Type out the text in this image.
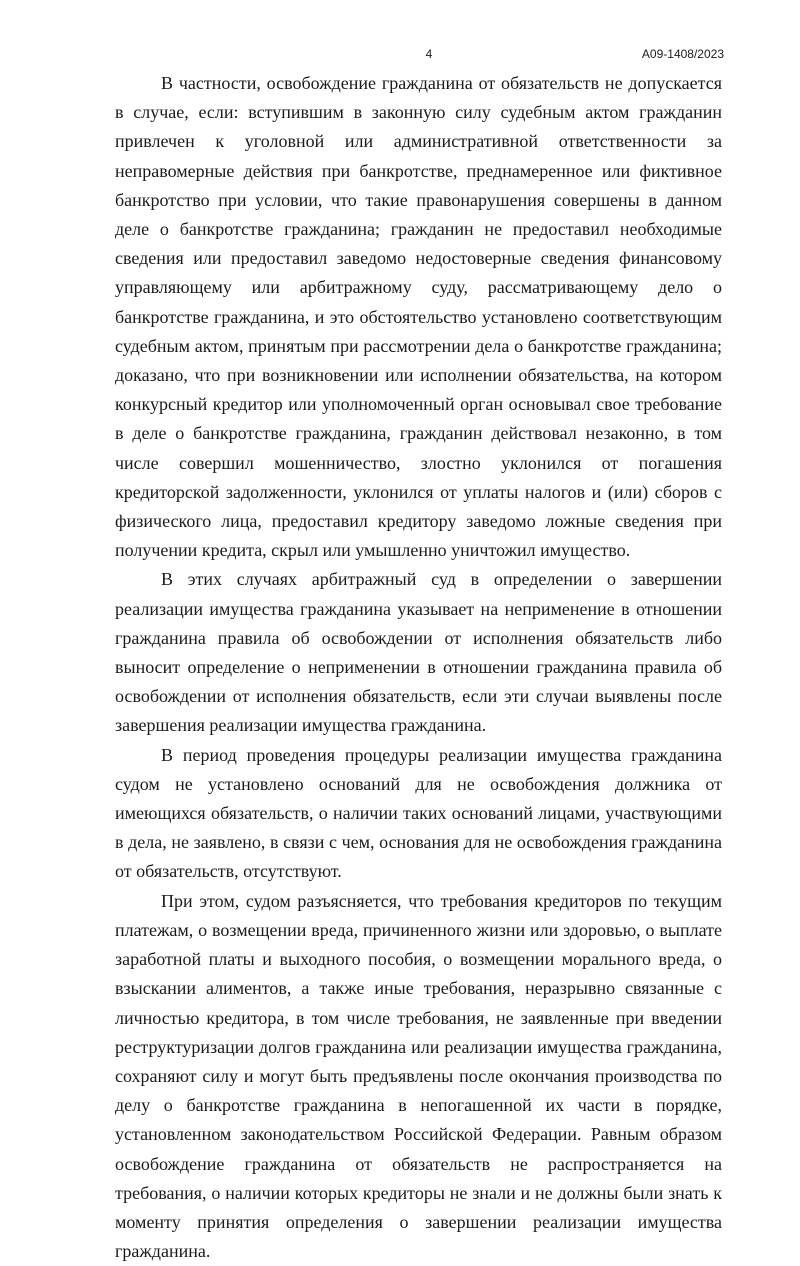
4	А09-1408/2023

В частности, освобождение гражданина от обязательств не допускается в случае, если: вступившим в законную силу судебным актом гражданин привлечен к уголовной или административной ответственности за неправомерные действия при банкротстве, преднамеренное или фиктивное банкротство при условии, что такие правонарушения совершены в данном деле о банкротстве гражданина; гражданин не предоставил необходимые сведения или предоставил заведомо недостоверные сведения финансовому управляющему или арбитражному суду, рассматривающему дело о банкротстве гражданина, и это обстоятельство установлено соответствующим судебным актом, принятым при рассмотрении дела о банкротстве гражданина; доказано, что при возникновении или исполнении обязательства, на котором конкурсный кредитор или уполномоченный орган основывал свое требование в деле о банкротстве гражданина, гражданин действовал незаконно, в том числе совершил мошенничество, злостно уклонился от погашения кредиторской задолженности, уклонился от уплаты налогов и (или) сборов с физического лица, предоставил кредитору заведомо ложные сведения при получении кредита, скрыл или умышленно уничтожил имущество.

В этих случаях арбитражный суд в определении о завершении реализации имущества гражданина указывает на неприменение в отношении гражданина правила об освобождении от исполнения обязательств либо выносит определение о неприменении в отношении гражданина правила об освобождении от исполнения обязательств, если эти случаи выявлены после завершения реализации имущества гражданина.

В период проведения процедуры реализации имущества гражданина судом не установлено оснований для не освобождения должника от имеющихся обязательств, о наличии таких оснований лицами, участвующими в дела, не заявлено, в связи с чем, основания для не освобождения гражданина от обязательств, отсутствуют.

При этом, судом разъясняется, что требования кредиторов по текущим платежам, о возмещении вреда, причиненного жизни или здоровью, о выплате заработной платы и выходного пособия, о возмещении морального вреда, о взыскании алиментов, а также иные требования, неразрывно связанные с личностью кредитора, в том числе требования, не заявленные при введении реструктуризации долгов гражданина или реализации имущества гражданина, сохраняют силу и могут быть предъявлены после окончания производства по делу о банкротстве гражданина в непогашенной их части в порядке, установленном законодательством Российской Федерации. Равным образом освобождение гражданина от обязательств не распространяется на требования, о наличии которых кредиторы не знали и не должны были знать к моменту принятия определения о завершении реализации имущества гражданина.
